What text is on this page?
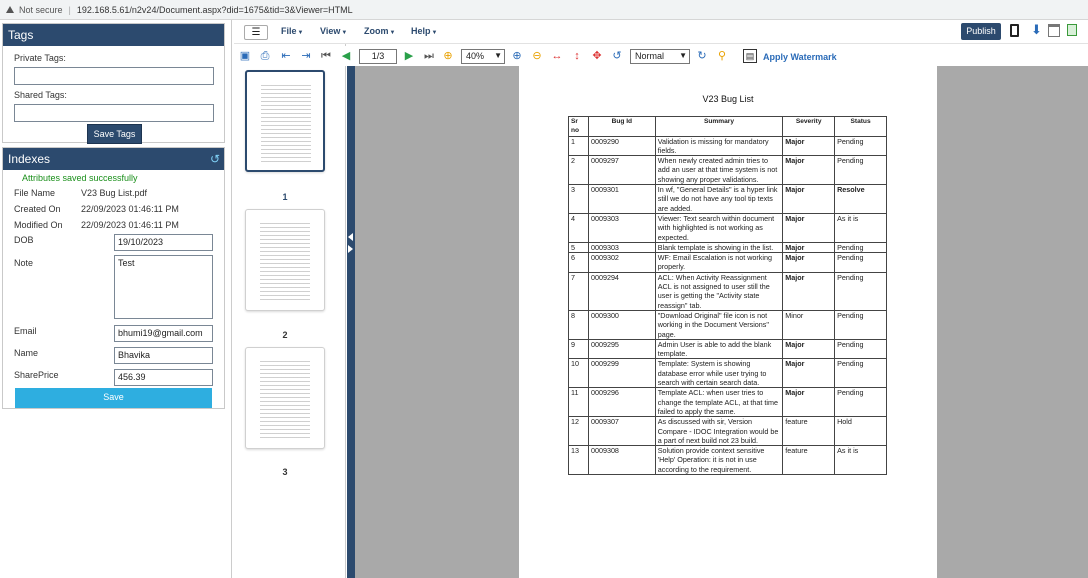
Not secure | 192.168.5.61/n2v24/Document.aspx?did=1675&tid=3&Viewer=HTML
Tags
Private Tags:
Shared Tags:
Save Tags
Indexes	↺
Attributes saved successfully
File Name	V23 Bug List.pdf
Created On 22/09/2023 01:46:11 PM
Modified On 22/09/2023 01:46:11 PM
DOB	19/10/2023
Note	Test
Email	bhumi19@gmail.com
Name	Bhavika
SharePrice	456.39
Save
1
2
3
☰	File▼ View▼ Zoom▼ Help▼	Publish	⬇
▣ ⎙ ⇤ ⇥ ⏮ ◀	1/3	▶ ⏭ ⊕	40% ▼ ⊕ ⊖ ↔ ↕ ✥ ↺	Normal ▼ ↻ ⚲	▤ Apply Watermark
V23 Bug List
Sr no	Bug Id	Summary	Severity	Status
1	0009290	Validation is missing for mandatory fields.	Major	Pending
2	0009297	When newly created admin tries to add an user at that time system is not showing any proper validations.	Major	Pending
3	0009301	In wf, "General Details" is a hyper link still we do not have any tool tip texts are added.	Major	Resolve
4	0009303	Viewer: Text search within document with highlighted is not working as expected.	Major	As it is
5	0009303	Blank template is showing in the list.	Major	Pending
6	0009302	WF: Email Escalation is not working properly.	Major	Pending
7	0009294	ACL: When Activity Reassignment ACL is not assigned to user still the user is getting the "Activity state reassign" tab.	Major	Pending
8	0009300	"Download Original" file icon is not working in the Document Versions" page.	Minor	Pending
9	0009295	Admin User is able to add the blank template.	Major	Pending
10	0009299	Template: System is showing database error while user trying to search with certain search data.	Major	Pending
11	0009296	Template ACL: when user tries to change the template ACL, at that time failed to apply the same.	Major	Pending
12	0009307	As discussed with sir, Version Compare - IDOC Integration would be a part of next build not 23 build.	feature	Hold
13	0009308	Solution provide context sensitive 'Help' Operation: it is not in use according to the requirement.	feature	As it is
